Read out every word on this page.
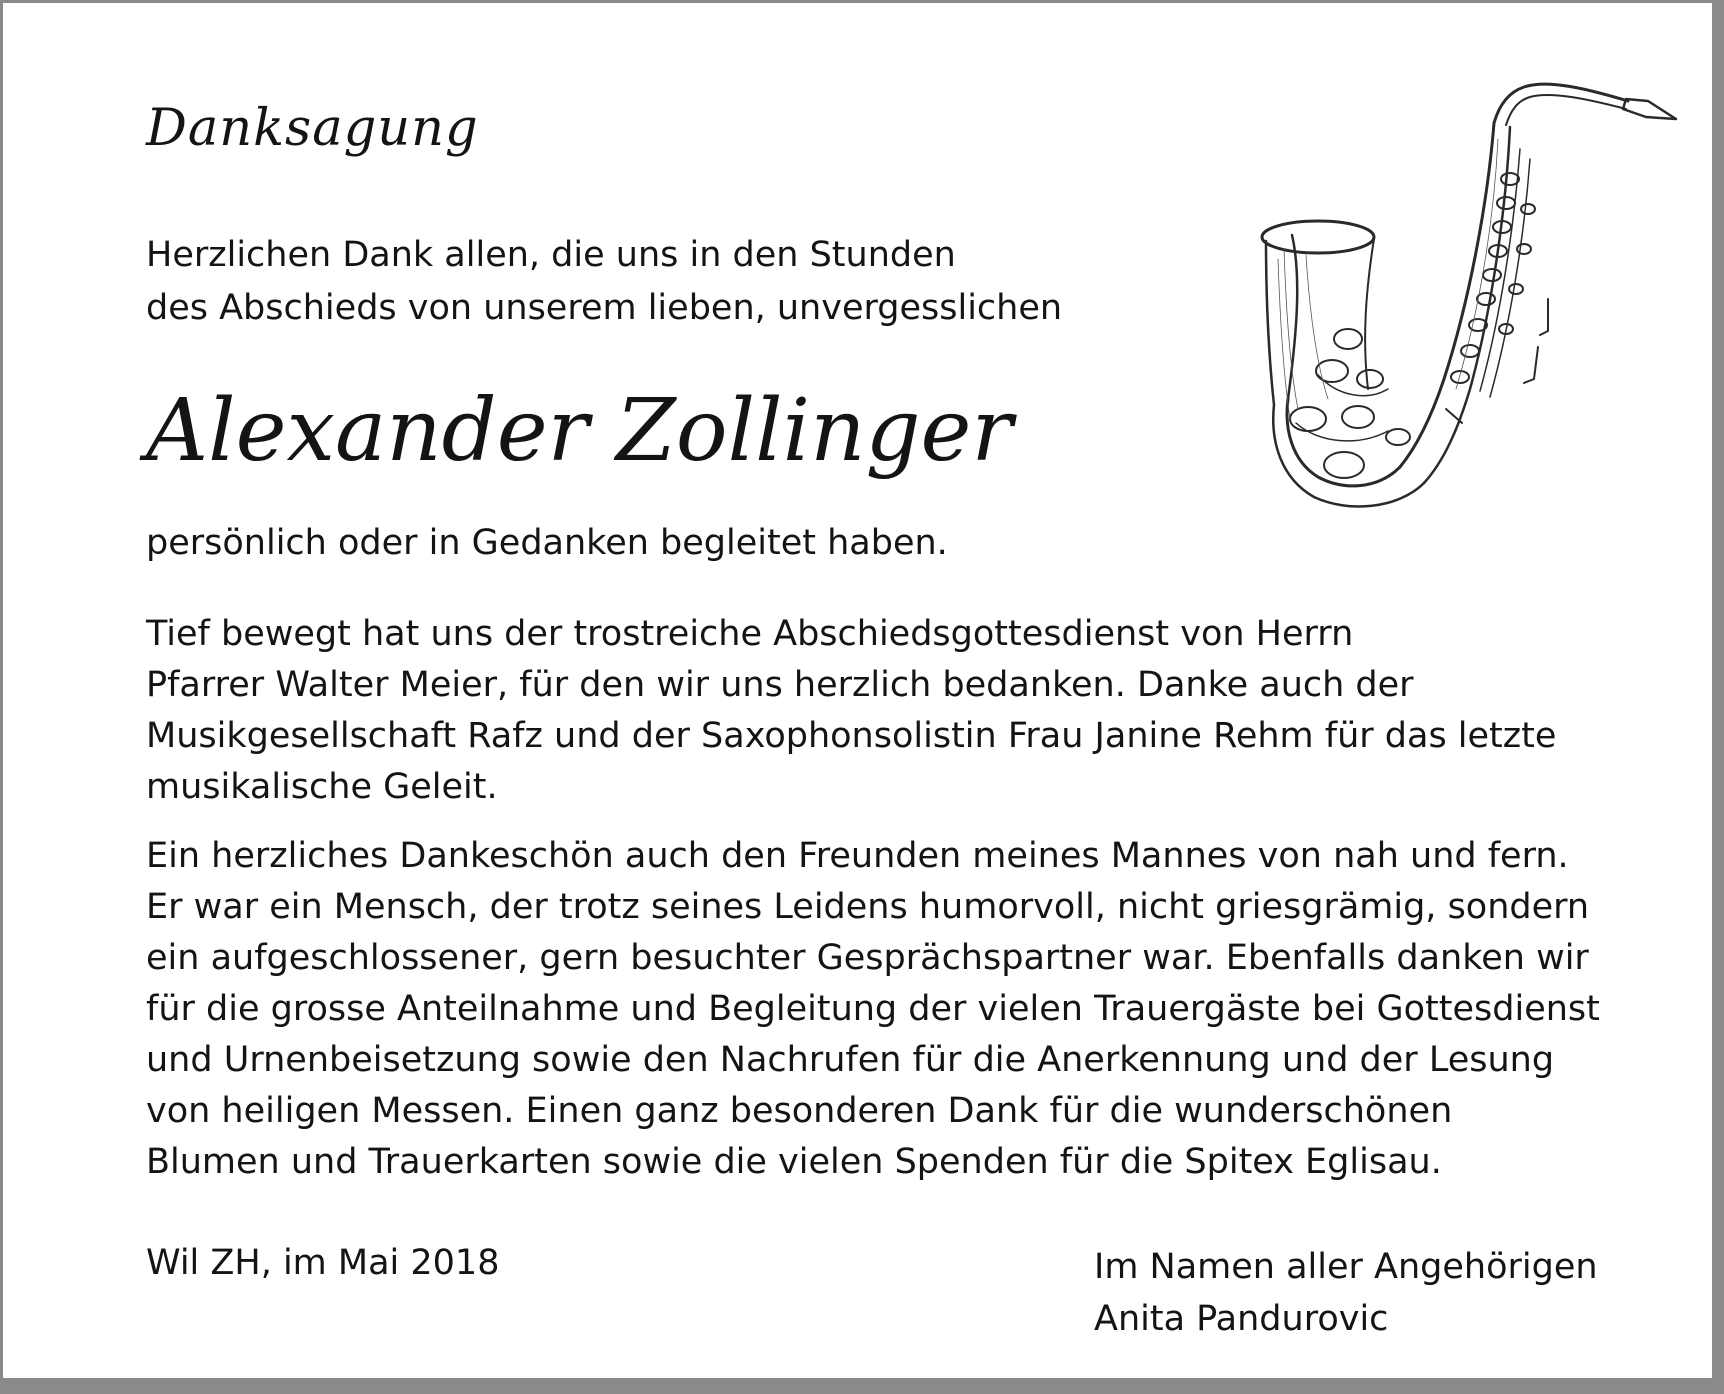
Danksagung

Herzlichen Dank allen, die uns in den Stunden
des Abschieds von unserem lieben, unvergesslichen

Alexander Zollinger

persönlich oder in Gedanken begleitet haben.

Tief bewegt hat uns der trostreiche Abschiedsgottesdienst von Herrn
Pfarrer Walter Meier, für den wir uns herzlich bedanken. Danke auch der
Musikgesellschaft Rafz und der Saxophonsolistin Frau Janine Rehm für das letzte
musikalische Geleit.

Ein herzliches Dankeschön auch den Freunden meines Mannes von nah und fern.
Er war ein Mensch, der trotz seines Leidens humorvoll, nicht griesgrämig, sondern
ein aufgeschlossener, gern besuchter Gesprächspartner war. Ebenfalls danken wir
für die grosse Anteilnahme und Begleitung der vielen Trauergäste bei Gottesdienst
und Urnenbeisetzung sowie den Nachrufen für die Anerkennung und der Lesung
von heiligen Messen. Einen ganz besonderen Dank für die wunderschönen
Blumen und Trauerkarten sowie die vielen Spenden für die Spitex Eglisau.

Wil ZH, im Mai 2018	Im Namen aller Angehörigen
Anita Pandurovic
